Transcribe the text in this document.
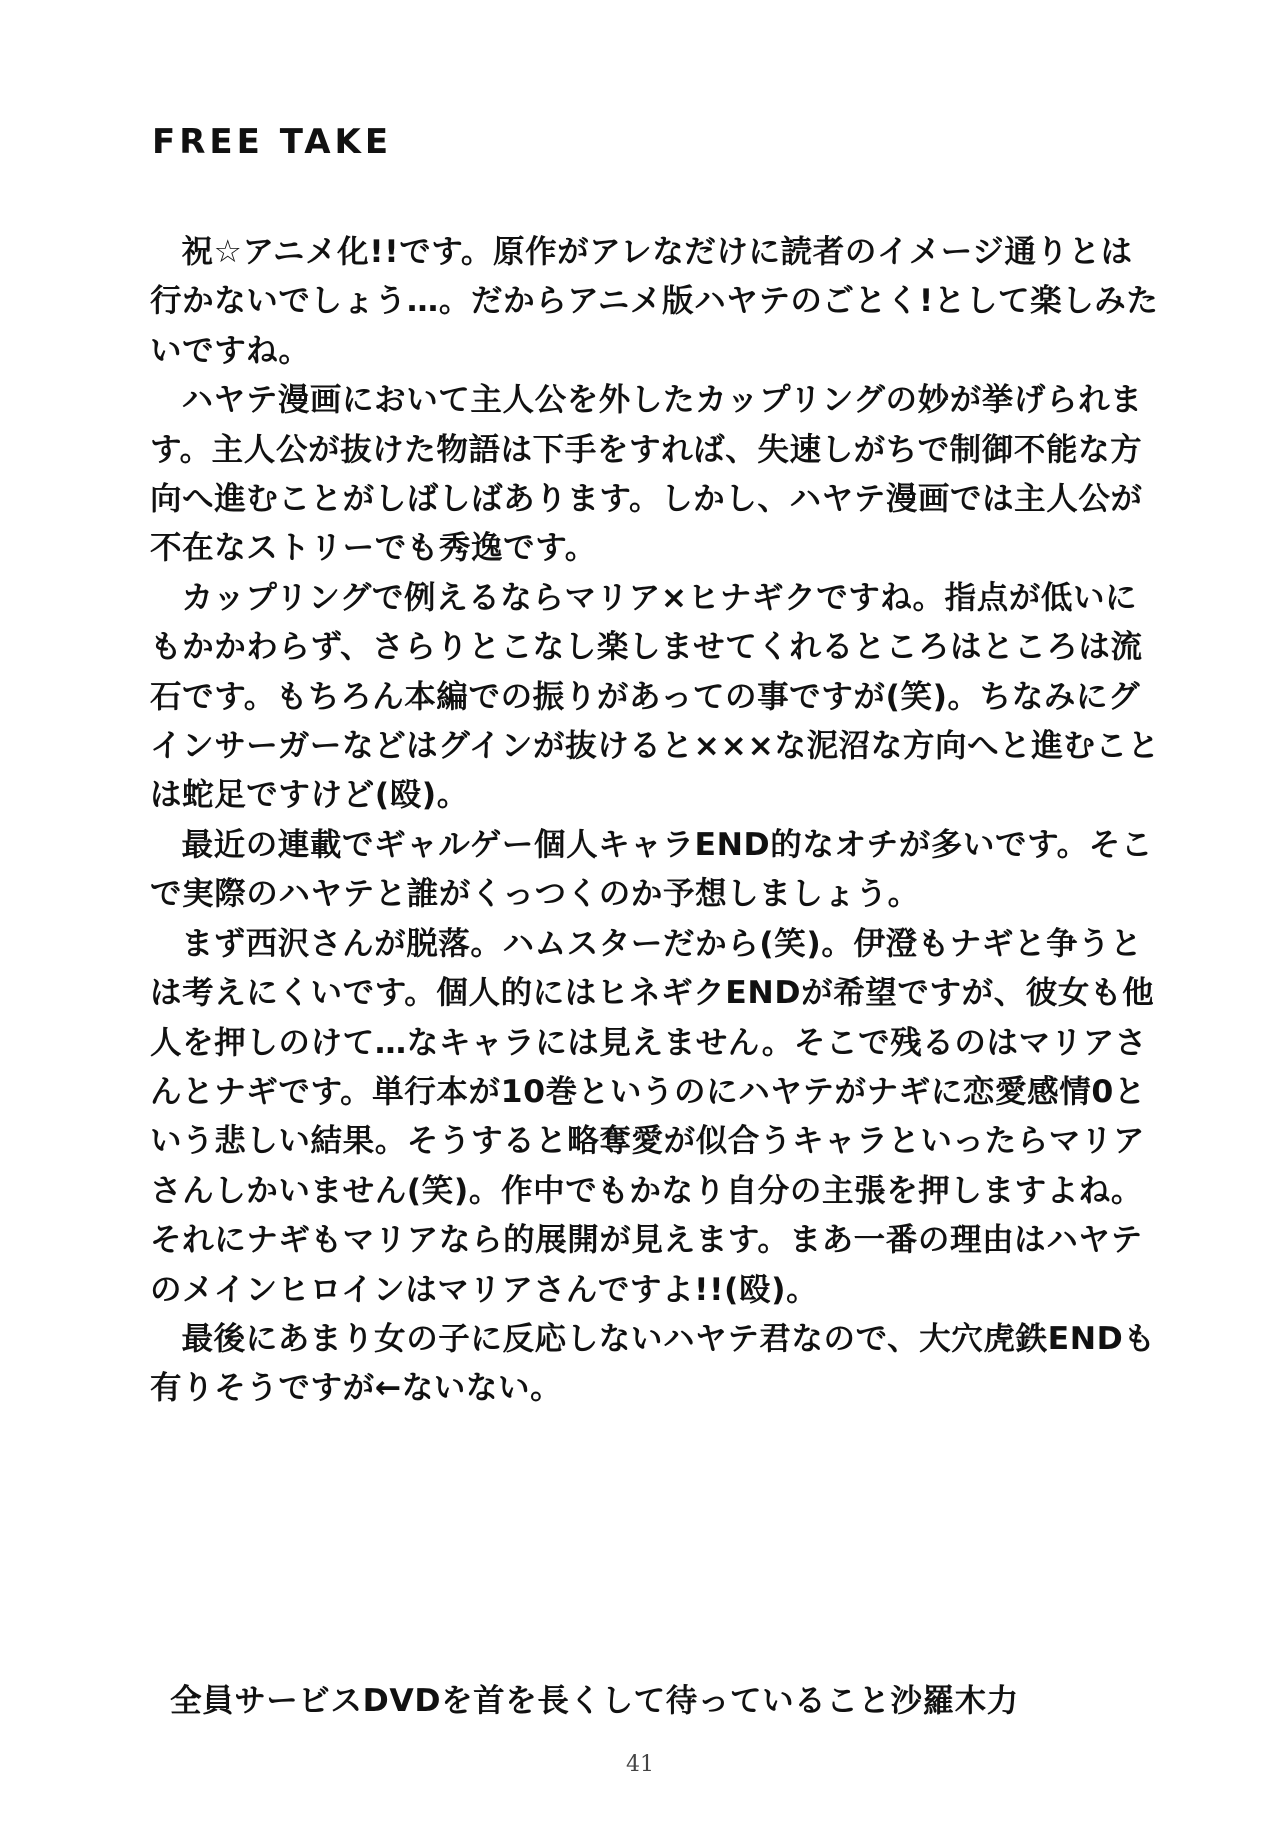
FREE TAKE

祝☆アニメ化!!です。原作がアレなだけに読者のイメージ通りとは行かないでしょう…。だからアニメ版ハヤテのごとく!として楽しみたいですね。

ハヤテ漫画において主人公を外したカップリングの妙が挙げられます。主人公が抜けた物語は下手をすれば、失速しがちで制御不能な方向へ進むことがしばしばあります。しかし、ハヤテ漫画では主人公が不在なストリーでも秀逸です。

カップリングで例えるならマリア×ヒナギクですね。指点が低いにもかかわらず、さらりとこなし楽しませてくれるところはところは流石です。もちろん本編での振りがあっての事ですが(笑)。ちなみにグインサーガーなどはグインが抜けると×××な泥沼な方向へと進むことは蛇足ですけど(殴)。

最近の連載でギャルゲー個人キャラEND的なオチが多いです。そこで実際のハヤテと誰がくっつくのか予想しましょう。

まず西沢さんが脱落。ハムスターだから(笑)。伊澄もナギと争うとは考えにくいです。個人的にはヒネギクENDが希望ですが、彼女も他人を押しのけて…なキャラには見えません。そこで残るのはマリアさんとナギです。単行本が10巻というのにハヤテがナギに恋愛感情0という悲しい結果。そうすると略奪愛が似合うキャラといったらマリアさんしかいません(笑)。作中でもかなり自分の主張を押しますよね。それにナギもマリアなら的展開が見えます。まあ一番の理由はハヤテのメインヒロインはマリアさんですよ!!(殴)。

最後にあまり女の子に反応しないハヤテ君なので、大穴虎鉄ENDも有りそうですが←ないない。

全員サービスDVDを首を長くして待っていること沙羅木力
41
